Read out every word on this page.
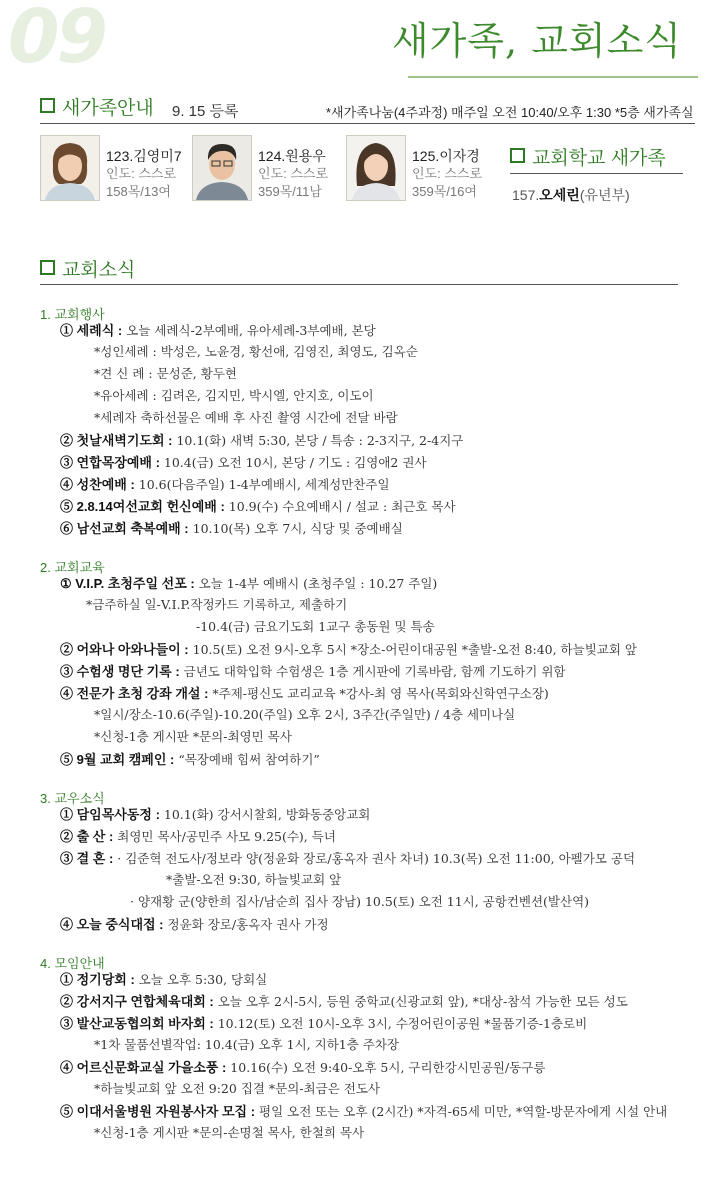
09	새가족, 교회소식
새가족안내 9. 15 등록	*새가족나눔(4주과정) 매주일 오전 10:40/오후 1:30 *5층 새가족실
123.김영미7
인도: 스스로
158목/13여
124.원용우
인도: 스스로
359목/11남
125.이자경
인도: 스스로
359목/16여
교회학교 새가족
157.오세린(유년부)
교회소식
1. 교회행사
① 세례식 : 오늘 세례식-2부예배, 유아세례-3부예배, 본당
*성인세례 : 박성은, 노윤경, 황선애, 김영진, 최영도, 김옥순
*견 신 례 : 문성준, 황두현
*유아세례 : 김려온, 김지민, 박시엘, 안지호, 이도이
*세례자 축하선물은 예배 후 사진 촬영 시간에 전달 바람
② 첫날새벽기도회 : 10.1(화) 새벽 5:30, 본당 / 특송 : 2-3지구, 2-4지구
③ 연합목장예배 : 10.4(금) 오전 10시, 본당 / 기도 : 김영애2 권사
④ 성찬예배 : 10.6(다음주일) 1-4부예배시, 세계성만찬주일
⑤ 2.8.14여선교회 헌신예배 : 10.9(수) 수요예배시 / 설교 : 최근호 목사
⑥ 남선교회 축복예배 : 10.10(목) 오후 7시, 식당 및 중예배실
2. 교회교육
① V.I.P. 초청주일 선포 : 오늘 1-4부 예배시 (초청주일 : 10.27 주일)
*금주하실 일-V.I.P.작정카드 기록하고, 제출하기
-10.4(금) 금요기도회 1교구 총동원 및 특송
② 어와나 아와나들이 : 10.5(토) 오전 9시-오후 5시 *장소-어린이대공원 *출발-오전 8:40, 하늘빛교회 앞
③ 수험생 명단 기록 : 금년도 대학입학 수험생은 1층 게시판에 기록바람, 함께 기도하기 위함
④ 전문가 초청 강좌 개설 : *주제-평신도 교리교육 *강사-최 영 목사(목회와신학연구소장)
*일시/장소-10.6(주일)-10.20(주일) 오후 2시, 3주간(주일만) / 4층 세미나실
*신청-1층 게시판 *문의-최영민 목사
⑤ 9월 교회 캠페인 : “목장예배 힘써 참여하기”
3. 교우소식
① 담임목사동정 : 10.1(화) 강서시찰회, 방화동중앙교회
② 출 산 : 최영민 목사/공민주 사모 9.25(수), 득녀
③ 결 혼 : · 김준혁 전도사/정보라 양(정윤화 장로/홍옥자 권사 차녀) 10.3(목) 오전 11:00, 아펠가모 공덕
*출발-오전 9:30, 하늘빛교회 앞
· 양재황 군(양한희 집사/남순희 집사 장남) 10.5(토) 오전 11시, 공항컨벤션(발산역)
④ 오늘 중식대접 : 정윤화 장로/홍옥자 권사 가정
4. 모임안내
① 정기당회 : 오늘 오후 5:30, 당회실
② 강서지구 연합체육대회 : 오늘 오후 2시-5시, 등원 중학교(신광교회 앞), *대상-참석 가능한 모든 성도
③ 발산교동협의회 바자회 : 10.12(토) 오전 10시-오후 3시, 수정어린이공원 *물품기증-1층로비
*1차 물품선별작업: 10.4(금) 오후 1시, 지하1층 주차장
④ 어르신문화교실 가을소풍 : 10.16(수) 오전 9:40-오후 5시, 구리한강시민공원/동구릉
*하늘빛교회 앞 오전 9:20 집결 *문의-최금은 전도사
⑤ 이대서울병원 자원봉사자 모집 : 평일 오전 또는 오후 (2시간) *자격-65세 미만, *역할-방문자에게 시설 안내
*신청-1층 게시판 *문의-손명철 목사, 한철희 목사
